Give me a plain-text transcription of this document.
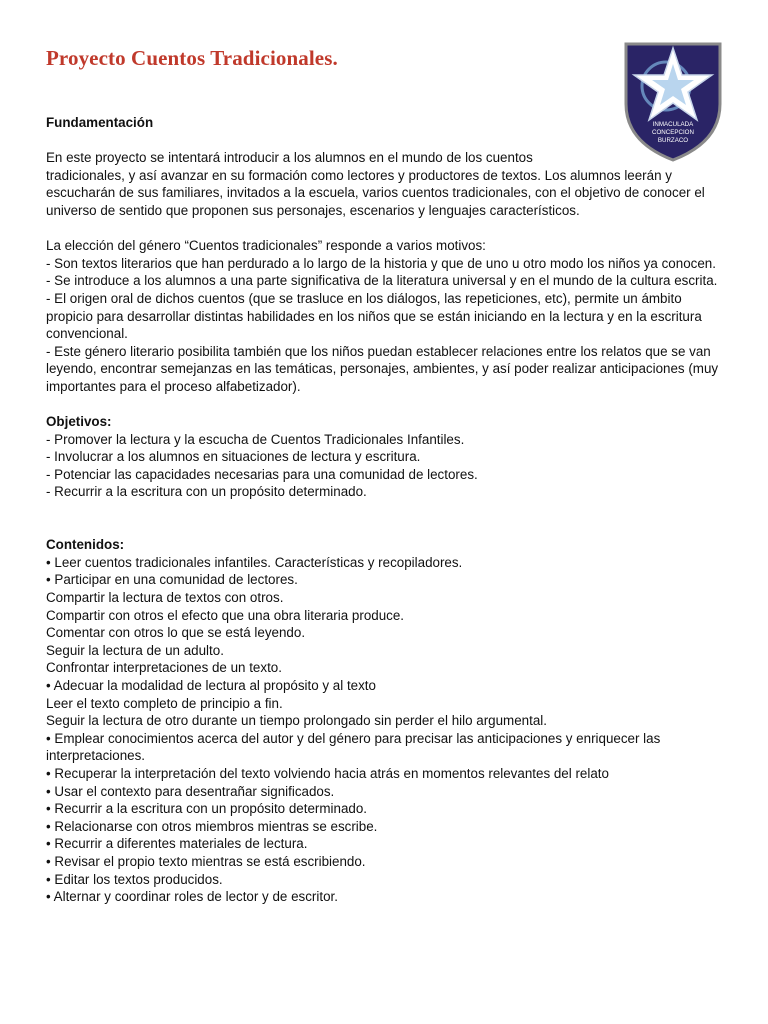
Proyecto Cuentos Tradicionales.
INMACULADA
CONCEPCION
BURZACO

Fundamentación

En este proyecto se intentará introducir a los alumnos en el mundo de los cuentos

tradicionales, y así avanzar en su formación como lectores y productores de textos. Los alumnos leerán y escucharán de sus familiares, invitados a la escuela, varios cuentos tradicionales, con el objetivo de conocer el universo de sentido que proponen sus personajes, escenarios y lenguajes característicos.

La elección del género “Cuentos tradicionales” responde a varios motivos:

- Son textos literarios que han perdurado a lo largo de la historia y que de uno u otro modo los niños ya conocen.

- Se introduce a los alumnos a una parte significativa de la literatura universal y en el mundo de la cultura escrita.

- El origen oral de dichos cuentos (que se trasluce en los diálogos, las repeticiones, etc), permite un ámbito propicio para desarrollar distintas habilidades en los niños que se están iniciando en la lectura y en la escritura convencional.

- Este género literario posibilita también que los niños puedan establecer relaciones entre los relatos que se van leyendo, encontrar semejanzas en las temáticas, personajes, ambientes, y así poder realizar anticipaciones (muy importantes para el proceso alfabetizador).

Objetivos:

- Promover la lectura y la escucha de Cuentos Tradicionales Infantiles.

- Involucrar a los alumnos en situaciones de lectura y escritura.

- Potenciar las capacidades necesarias para una comunidad de lectores.

- Recurrir a la escritura con un propósito determinado.

Contenidos:

• Leer cuentos tradicionales infantiles. Características y recopiladores.

• Participar en una comunidad de lectores.

Compartir la lectura de textos con otros.

Compartir con otros el efecto que una obra literaria produce.

Comentar con otros lo que se está leyendo.

Seguir la lectura de un adulto.

Confrontar interpretaciones de un texto.

• Adecuar la modalidad de lectura al propósito y al texto

Leer el texto completo de principio a fin.

Seguir la lectura de otro durante un tiempo prolongado sin perder el hilo argumental.

• Emplear conocimientos acerca del autor y del género para precisar las anticipaciones y enriquecer las interpretaciones.

• Recuperar la interpretación del texto volviendo hacia atrás en momentos relevantes del relato

• Usar el contexto para desentrañar significados.

• Recurrir a la escritura con un propósito determinado.

• Relacionarse con otros miembros mientras se escribe.

• Recurrir a diferentes materiales de lectura.

• Revisar el propio texto mientras se está escribiendo.

• Editar los textos producidos.

• Alternar y coordinar roles de lector y de escritor.
